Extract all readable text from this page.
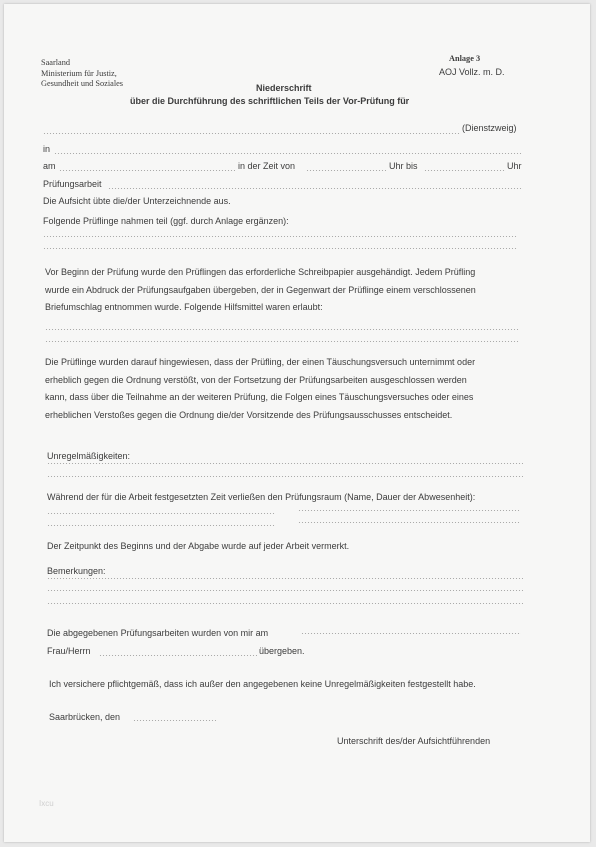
Saarland
Ministerium für Justiz,
Gesundheit und Soziales
Anlage 3
AOJ Vollz. m. D.
Niederschrift
über die Durchführung des schriftlichen Teils der Vor-Prüfung für
(Dienstzweig)
in
am	in der Zeit von	Uhr bis	Uhr
Prüfungsarbeit
Die Aufsicht übte die/der Unterzeichnende aus.
Folgende Prüflinge nahmen teil (ggf. durch Anlage ergänzen):
Vor Beginn der Prüfung wurde den Prüflingen das erforderliche Schreibpapier ausgehändigt. Jedem Prüfling
wurde ein Abdruck der Prüfungsaufgaben übergeben, der in Gegenwart der Prüflinge einem verschlossenen
Briefumschlag entnommen wurde. Folgende Hilfsmittel waren erlaubt:
Die Prüflinge wurden darauf hingewiesen, dass der Prüfling, der einen Täuschungsversuch unternimmt oder
erheblich gegen die Ordnung verstößt, von der Fortsetzung der Prüfungsarbeiten ausgeschlossen werden
kann, dass über die Teilnahme an der weiteren Prüfung, die Folgen eines Täuschungsversuches oder eines
erheblichen Verstoßes gegen die Ordnung die/der Vorsitzende des Prüfungsausschusses entscheidet.
Unregelmäßigkeiten:
Während der für die Arbeit festgesetzten Zeit verließen den Prüfungsraum (Name, Dauer der Abwesenheit):
Der Zeitpunkt des Beginns und der Abgabe wurde auf jeder Arbeit vermerkt.
Bemerkungen:
Die abgegebenen Prüfungsarbeiten wurden von mir am
Frau/Herrn	übergeben.
Ich versichere pflichtgemäß, dass ich außer den angegebenen keine Unregelmäßigkeiten festgestellt habe.
Saarbrücken, den
Unterschrift des/der Aufsichtführenden
Ixcu
